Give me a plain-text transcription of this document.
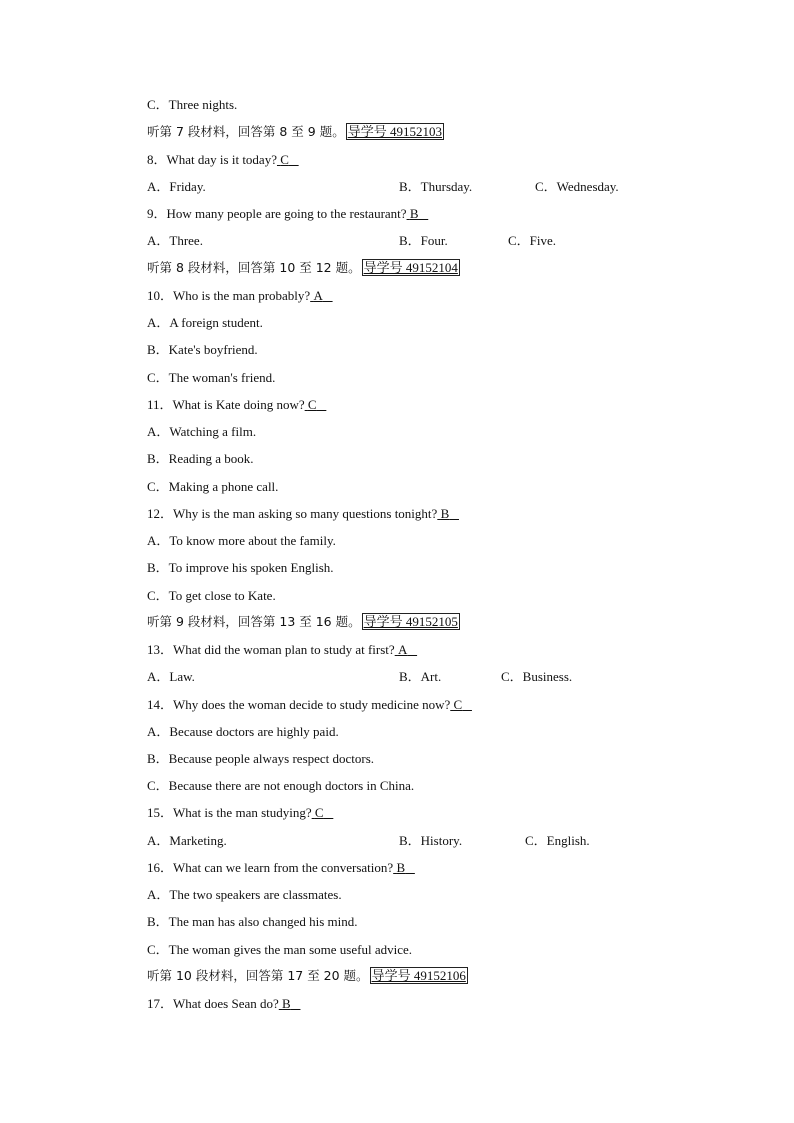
C．Three nights.
听第 7 段材料，回答第 8 至 9 题。 导学号 49152103
8．What day is it today? C
A．Friday.	B．Thursday.	C．Wednesday.
9．How many people are going to the restaurant? B
A．Three.	B．Four.	C．Five.
听第 8 段材料，回答第 10 至 12 题。 导学号 49152104
10．Who is the man probably? A
A．A foreign student.
B．Kate's boyfriend.
C．The woman's friend.
11．What is Kate doing now? C
A．Watching a film.
B．Reading a book.
C．Making a phone call.
12．Why is the man asking so many questions tonight? B
A．To know more about the family.
B．To improve his spoken English.
C．To get close to Kate.
听第 9 段材料，回答第 13 至 16 题。 导学号 49152105
13．What did the woman plan to study at first? A
A．Law.	B．Art.	C．Business.
14．Why does the woman decide to study medicine now? C
A．Because doctors are highly paid.
B．Because people always respect doctors.
C．Because there are not enough doctors in China.
15．What is the man studying? C
A．Marketing.	B．History.	C．English.
16．What can we learn from the conversation? B
A．The two speakers are classmates.
B．The man has also changed his mind.
C．The woman gives the man some useful advice.
听第 10 段材料，回答第 17 至 20 题。 导学号 49152106
17．What does Sean do? B
